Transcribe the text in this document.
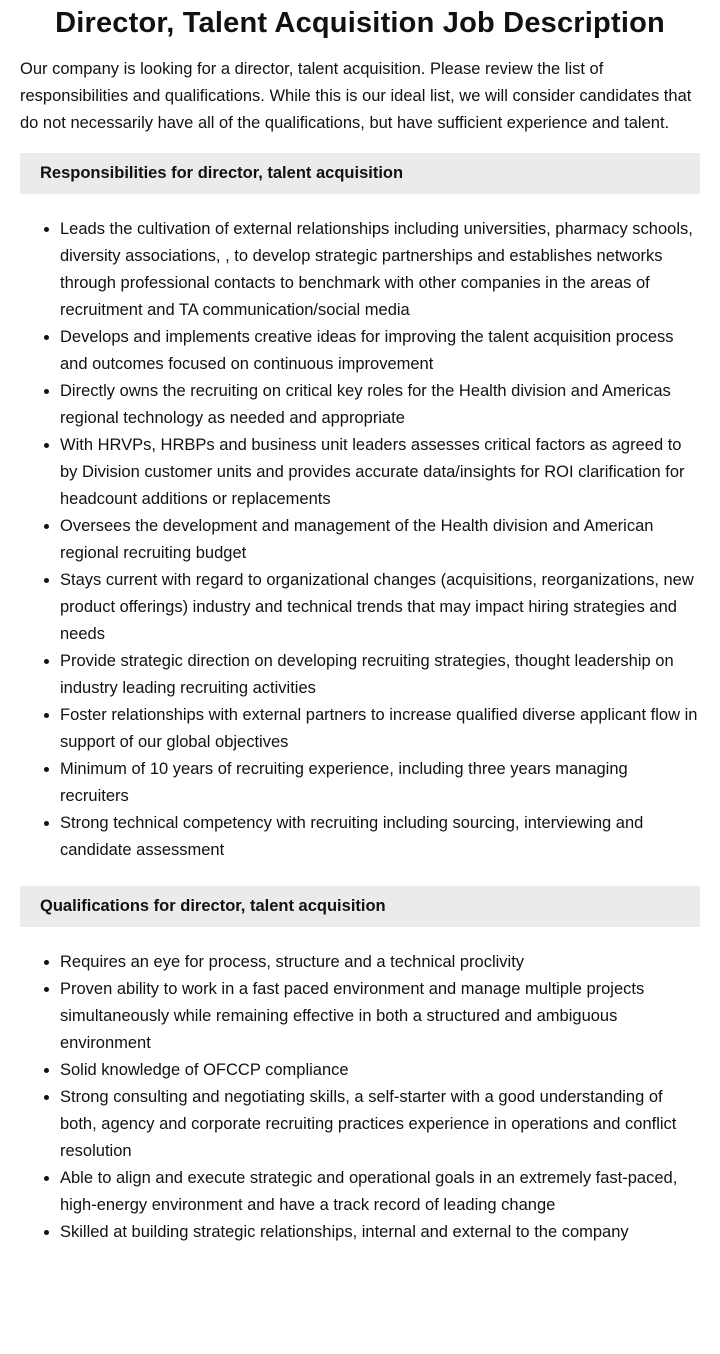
Director, Talent Acquisition Job Description

Our company is looking for a director, talent acquisition. Please review the list of responsibilities and qualifications. While this is our ideal list, we will consider candidates that do not necessarily have all of the qualifications, but have sufficient experience and talent.

Responsibilities for director, talent acquisition
• Leads the cultivation of external relationships including universities, pharmacy schools, diversity associations, , to develop strategic partnerships and establishes networks through professional contacts to benchmark with other companies in the areas of recruitment and TA communication/social media
• Develops and implements creative ideas for improving the talent acquisition process and outcomes focused on continuous improvement
• Directly owns the recruiting on critical key roles for the Health division and Americas regional technology as needed and appropriate
• With HRVPs, HRBPs and business unit leaders assesses critical factors as agreed to by Division customer units and provides accurate data/insights for ROI clarification for headcount additions or replacements
• Oversees the development and management of the Health division and American regional recruiting budget
• Stays current with regard to organizational changes (acquisitions, reorganizations, new product offerings) industry and technical trends that may impact hiring strategies and needs
• Provide strategic direction on developing recruiting strategies, thought leadership on industry leading recruiting activities
• Foster relationships with external partners to increase qualified diverse applicant flow in support of our global objectives
• Minimum of 10 years of recruiting experience, including three years managing recruiters
• Strong technical competency with recruiting including sourcing, interviewing and candidate assessment
Qualifications for director, talent acquisition
• Requires an eye for process, structure and a technical proclivity
• Proven ability to work in a fast paced environment and manage multiple projects simultaneously while remaining effective in both a structured and ambiguous environment
• Solid knowledge of OFCCP compliance
• Strong consulting and negotiating skills, a self-starter with a good understanding of both, agency and corporate recruiting practices experience in operations and conflict resolution
• Able to align and execute strategic and operational goals in an extremely fast-paced, high-energy environment and have a track record of leading change
• Skilled at building strategic relationships, internal and external to the company
